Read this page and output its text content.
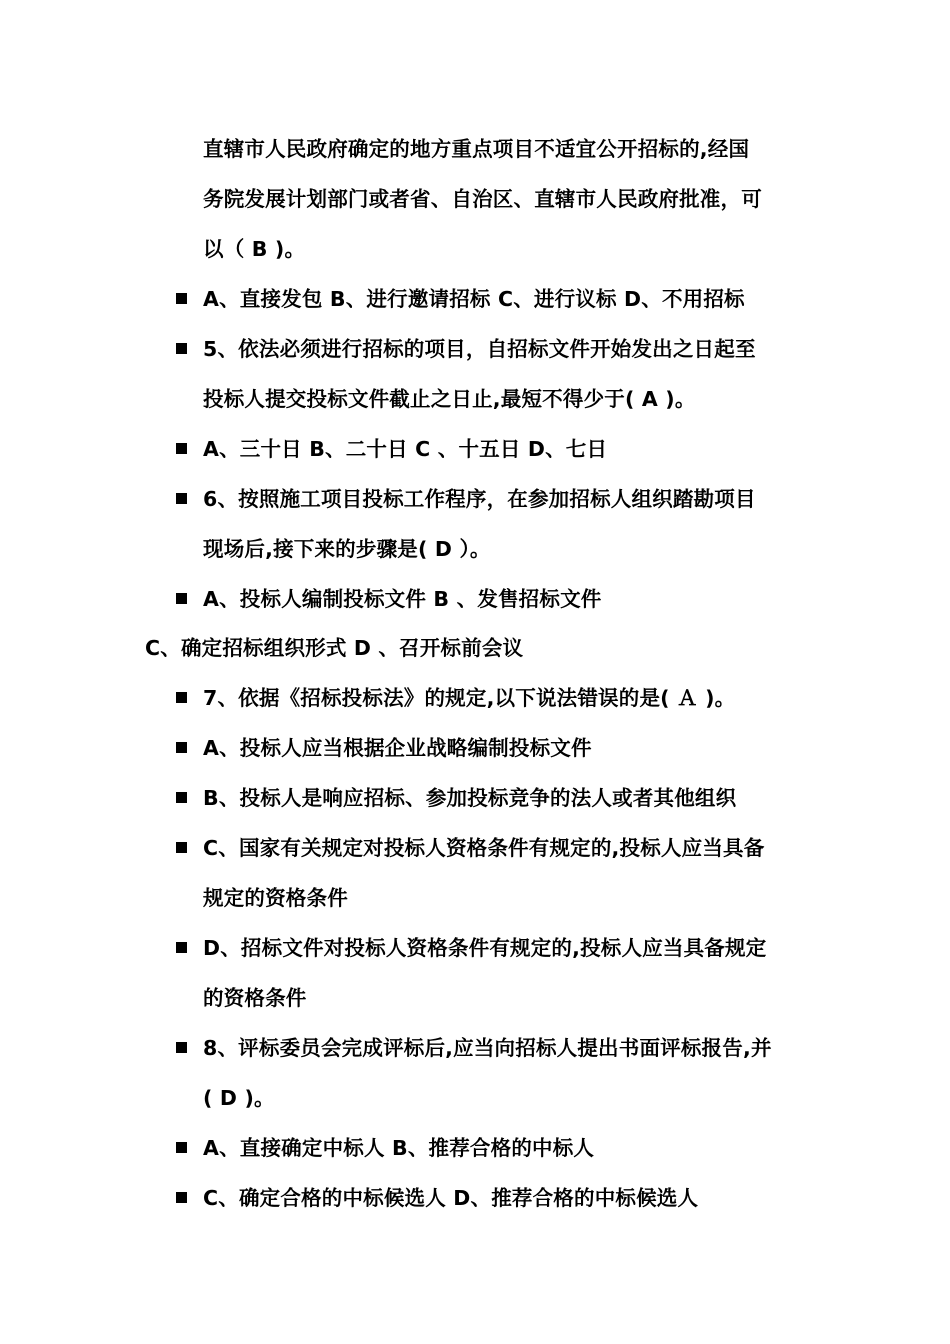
直辖市人民政府确定的地方重点项目不适宜公开招标的,经国
务院发展计划部门或者省、自治区、直辖市人民政府批准，可
以（ B )。
A、直接发包 B、进行邀请招标 C、进行议标 D、不用招标
5、依法必须进行招标的项目，自招标文件开始发出之日起至
投标人提交投标文件截止之日止,最短不得少于( A )。
A、三十日 B、二十日 C 、十五日 D、七日
6、按照施工项目投标工作程序，在参加招标人组织踏勘项目
现场后,接下来的步骤是( D ）。
A、投标人编制投标文件 B 、发售招标文件
C、确定招标组织形式 D 、召开标前会议
7、依据《招标投标法》的规定,以下说法错误的是( Ａ )。
A、投标人应当根据企业战略编制投标文件
B、投标人是响应招标、参加投标竞争的法人或者其他组织
C、国家有关规定对投标人资格条件有规定的,投标人应当具备
规定的资格条件
D、招标文件对投标人资格条件有规定的,投标人应当具备规定
的资格条件
8、评标委员会完成评标后,应当向招标人提出书面评标报告,并
( D )。
A、直接确定中标人 B、推荐合格的中标人
C、确定合格的中标候选人 D、推荐合格的中标候选人
